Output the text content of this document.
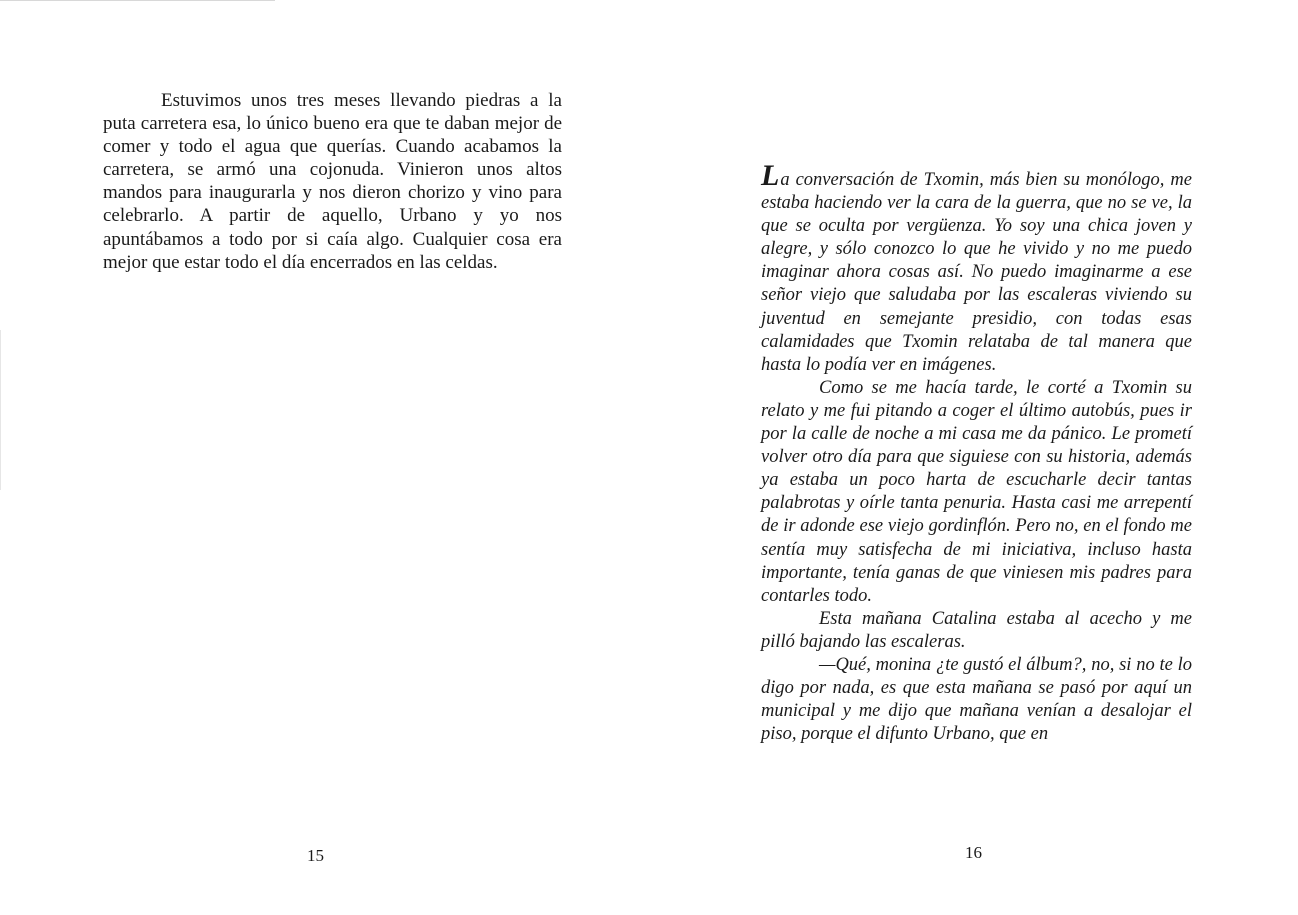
Estuvimos unos tres meses llevando piedras a la puta carretera esa, lo único bueno era que te daban mejor de comer y todo el agua que querías. Cuando acabamos la carretera, se armó una cojonuda. Vinieron unos altos mandos para inaugurarla y nos dieron chorizo y vino para celebrarlo. A partir de aquello, Urbano y yo nos apuntábamos a todo por si caía algo. Cualquier cosa era mejor que estar todo el día encerrados en las celdas.

15

La conversación de Txomin, más bien su monólogo, me estaba haciendo ver la cara de la guerra, que no se ve, la que se oculta por vergüenza. Yo soy una chica joven y alegre, y sólo conozco lo que he vivido y no me puedo imaginar ahora cosas así. No puedo imaginarme a ese señor viejo que saludaba por las escaleras viviendo su juventud en semejante presidio, con todas esas calamidades que Txomin relataba de tal manera que hasta lo podía ver en imágenes.

Como se me hacía tarde, le corté a Txomin su relato y me fui pitando a coger el último autobús, pues ir por la calle de noche a mi casa me da pánico. Le prometí volver otro día para que siguiese con su historia, además ya estaba un poco harta de escucharle decir tantas palabrotas y oírle tanta penuria. Hasta casi me arrepentí de ir adonde ese viejo gordinflón. Pero no, en el fondo me sentía muy satisfecha de mi iniciativa, incluso hasta importante, tenía ganas de que viniesen mis padres para contarles todo.

Esta mañana Catalina estaba al acecho y me pilló bajando las escaleras.

—Qué, monina ¿te gustó el álbum?, no, si no te lo digo por nada, es que esta mañana se pasó por aquí un municipal y me dijo que mañana venían a desalojar el piso, porque el difunto Urbano, que en

16
